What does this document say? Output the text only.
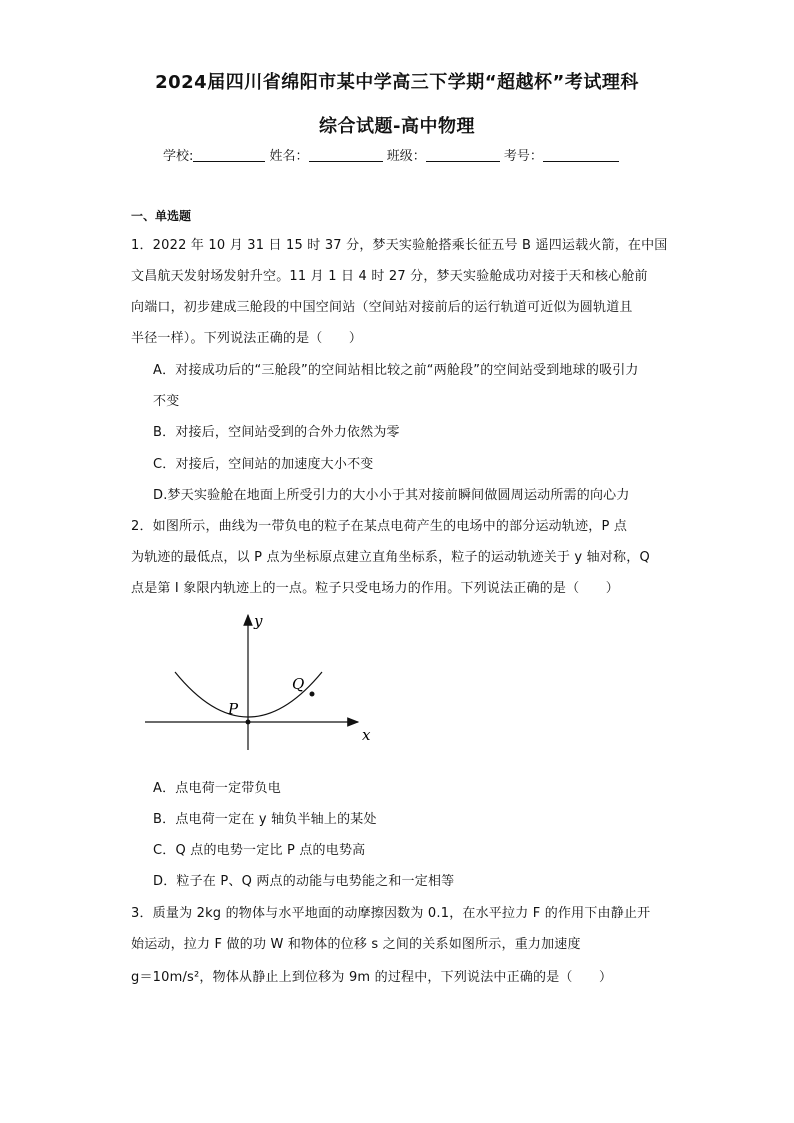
2024届四川省绵阳市某中学高三下学期“超越杯”考试理科
综合试题-高中物理
学校:	姓名：	班级：	考号：
一、单选题
1．2022 年 10 月 31 日 15 时 37 分，梦天实验舱搭乘长征五号 B 遥四运载火箭，在中国
文昌航天发射场发射升空。11 月 1 日 4 时 27 分，梦天实验舱成功对接于天和核心舱前
向端口，初步建成三舱段的中国空间站（空间站对接前后的运行轨道可近似为圆轨道且
半径一样）。下列说法正确的是（　　）
A．对接成功后的“三舱段”的空间站相比较之前“两舱段”的空间站受到地球的吸引力
不变
B．对接后，空间站受到的合外力依然为零
C．对接后，空间站的加速度大小不变
D.梦天实验舱在地面上所受引力的大小小于其对接前瞬间做圆周运动所需的向心力
2．如图所示，曲线为一带负电的粒子在某点电荷产生的电场中的部分运动轨迹，P 点
为轨迹的最低点，以 P 点为坐标原点建立直角坐标系，粒子的运动轨迹关于 y 轴对称，Q
点是第 I 象限内轨迹上的一点。粒子只受电场力的作用。下列说法正确的是（　　）
y
x
P
Q
A．点电荷一定带负电
B．点电荷一定在 y 轴负半轴上的某处
C．Q 点的电势一定比 P 点的电势高
D．粒子在 P、Q 两点的动能与电势能之和一定相等
3．质量为 2kg 的物体与水平地面的动摩擦因数为 0.1，在水平拉力 F 的作用下由静止开
始运动，拉力 F 做的功 W 和物体的位移 s 之间的关系如图所示，重力加速度
g＝10m/s²，物体从静止上到位移为 9m 的过程中，下列说法中正确的是（　　）
